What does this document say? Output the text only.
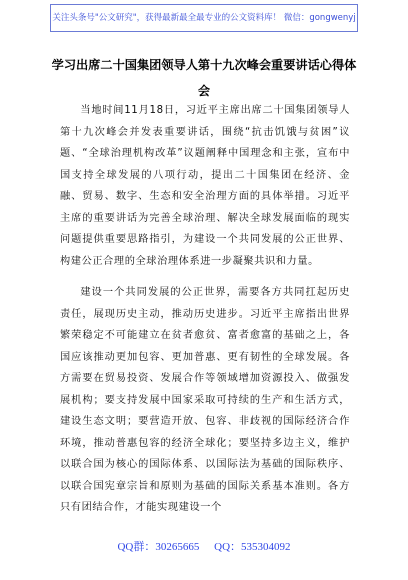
关注头条号"公文研究"，获得最新最全最专业的公文资料库！ 微信：gongwenyj
学习出席二十国集团领导人第十九次峰会重要讲话心得体会

当地时间11月18日，习近平主席出席二十国集团领导人第十九次峰会并发表重要讲话，围绕“抗击饥饿与贫困”议题、“全球治理机构改革”议题阐释中国理念和主张，宣布中国支持全球发展的八项行动，提出二十国集团在经济、金融、贸易、数字、生态和安全治理方面的具体举措。习近平主席的重要讲话为完善全球治理、解决全球发展面临的现实问题提供重要思路指引，为建设一个共同发展的公正世界、构建公正合理的全球治理体系进一步凝聚共识和力量。

建设一个共同发展的公正世界，需要各方共同扛起历史责任，展现历史主动，推动历史进步。习近平主席指出世界繁荣稳定不可能建立在贫者愈贫、富者愈富的基础之上，各国应该推动更加包容、更加普惠、更有韧性的全球发展。各方需要在贸易投资、发展合作等领域增加资源投入、做强发展机构；要支持发展中国家采取可持续的生产和生活方式，建设生态文明；要营造开放、包容、非歧视的国际经济合作环境，推动普惠包容的经济全球化；要坚持多边主义，维护以联合国为核心的国际体系、以国际法为基础的国际秩序、以联合国宪章宗旨和原则为基础的国际关系基本准则。各方只有团结合作，才能实现建设一个

QQ群：30265665 QQ：535304092
